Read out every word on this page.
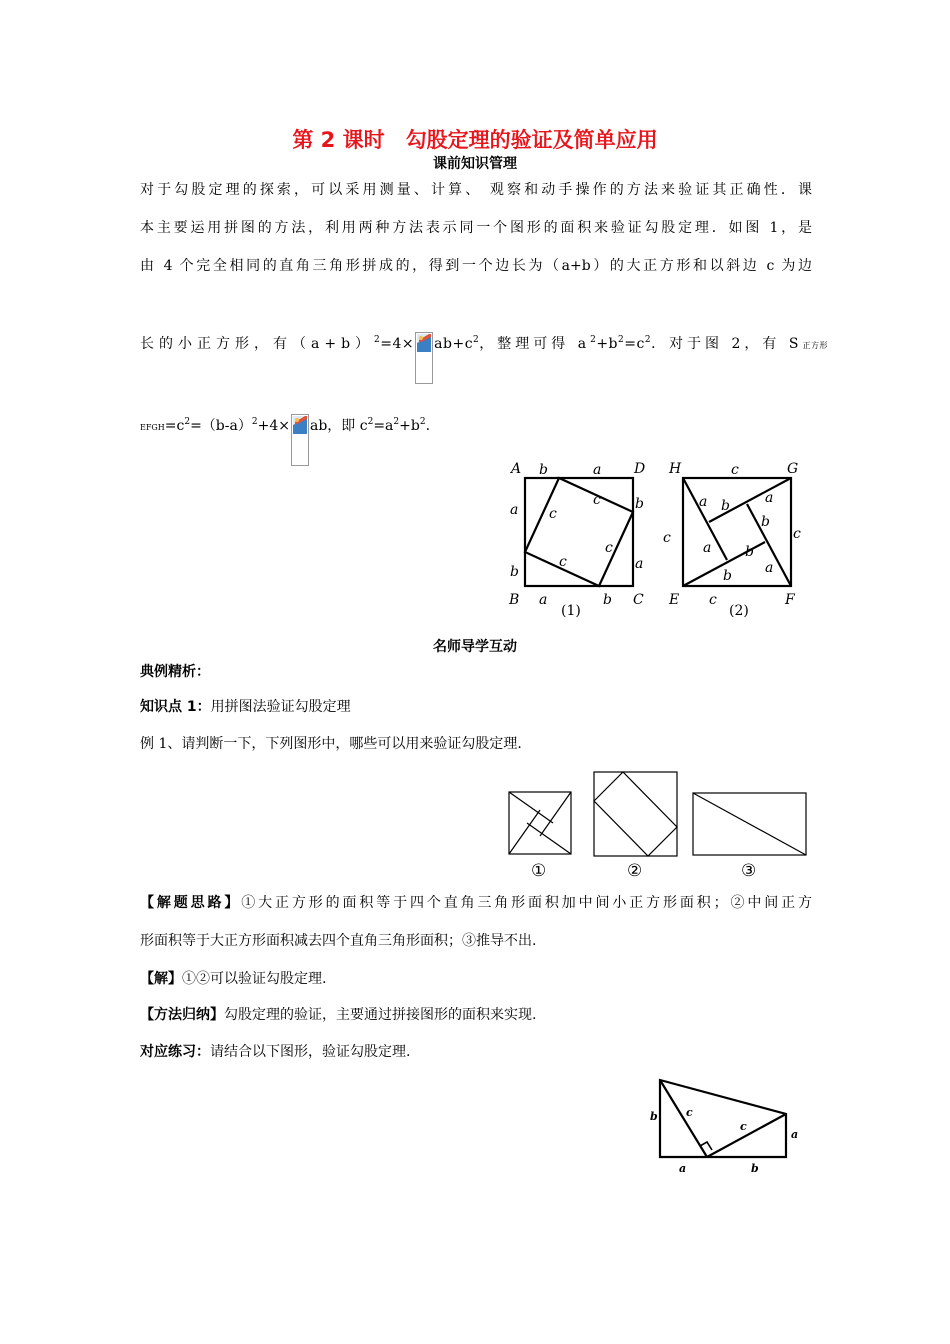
第 2 课时　勾股定理的验证及简单应用
课前知识管理
对于勾股定理的探索，可以采用测量、计算、 观察和动手操作的方法来验证其正确性．课
本主要运用拼图的方法，利用两种方法表示同一个图形的面积来验证勾股定理．如图 1，是
由 4 个完全相同的直角三角形拼成的，得到一个边长为（a+b）的大正方形和以斜边 c 为边
长的小正方形，有$(a+b)^2=4\times ab+c^2$，整理可得 $a^2+b^2=c^2$．对于图 2，有 S正方形
$EFGH=c^2=(b-a)^2+4\times$ ab，即 $c^2=a^2+b^2$.
A	D
B	C
b	a
a
b
b
a
a	b
c
c
c
c
(1)
H	G
E	F
c
c	c
c
a b	a
b
b
a b
a
(2)
名师导学互动
典例精析：
知识点 1：用拼图法验证勾股定理
例 1、请判断一下，下列图形中，哪些可以用来验证勾股定理.
①	②	③
【解题思路】①大正方形的面积等于四个直角三角形面积加中间小正方形面积；②中间正方
形面积等于大正方形面积减去四个直角三角形面积；③推导不出.
【解】①②可以验证勾股定理.
【方法归纳】勾股定理的验证，主要通过拼接图形的面积来实现.
对应练习：请结合以下图形，验证勾股定理.
b	c
c
a
a	b
